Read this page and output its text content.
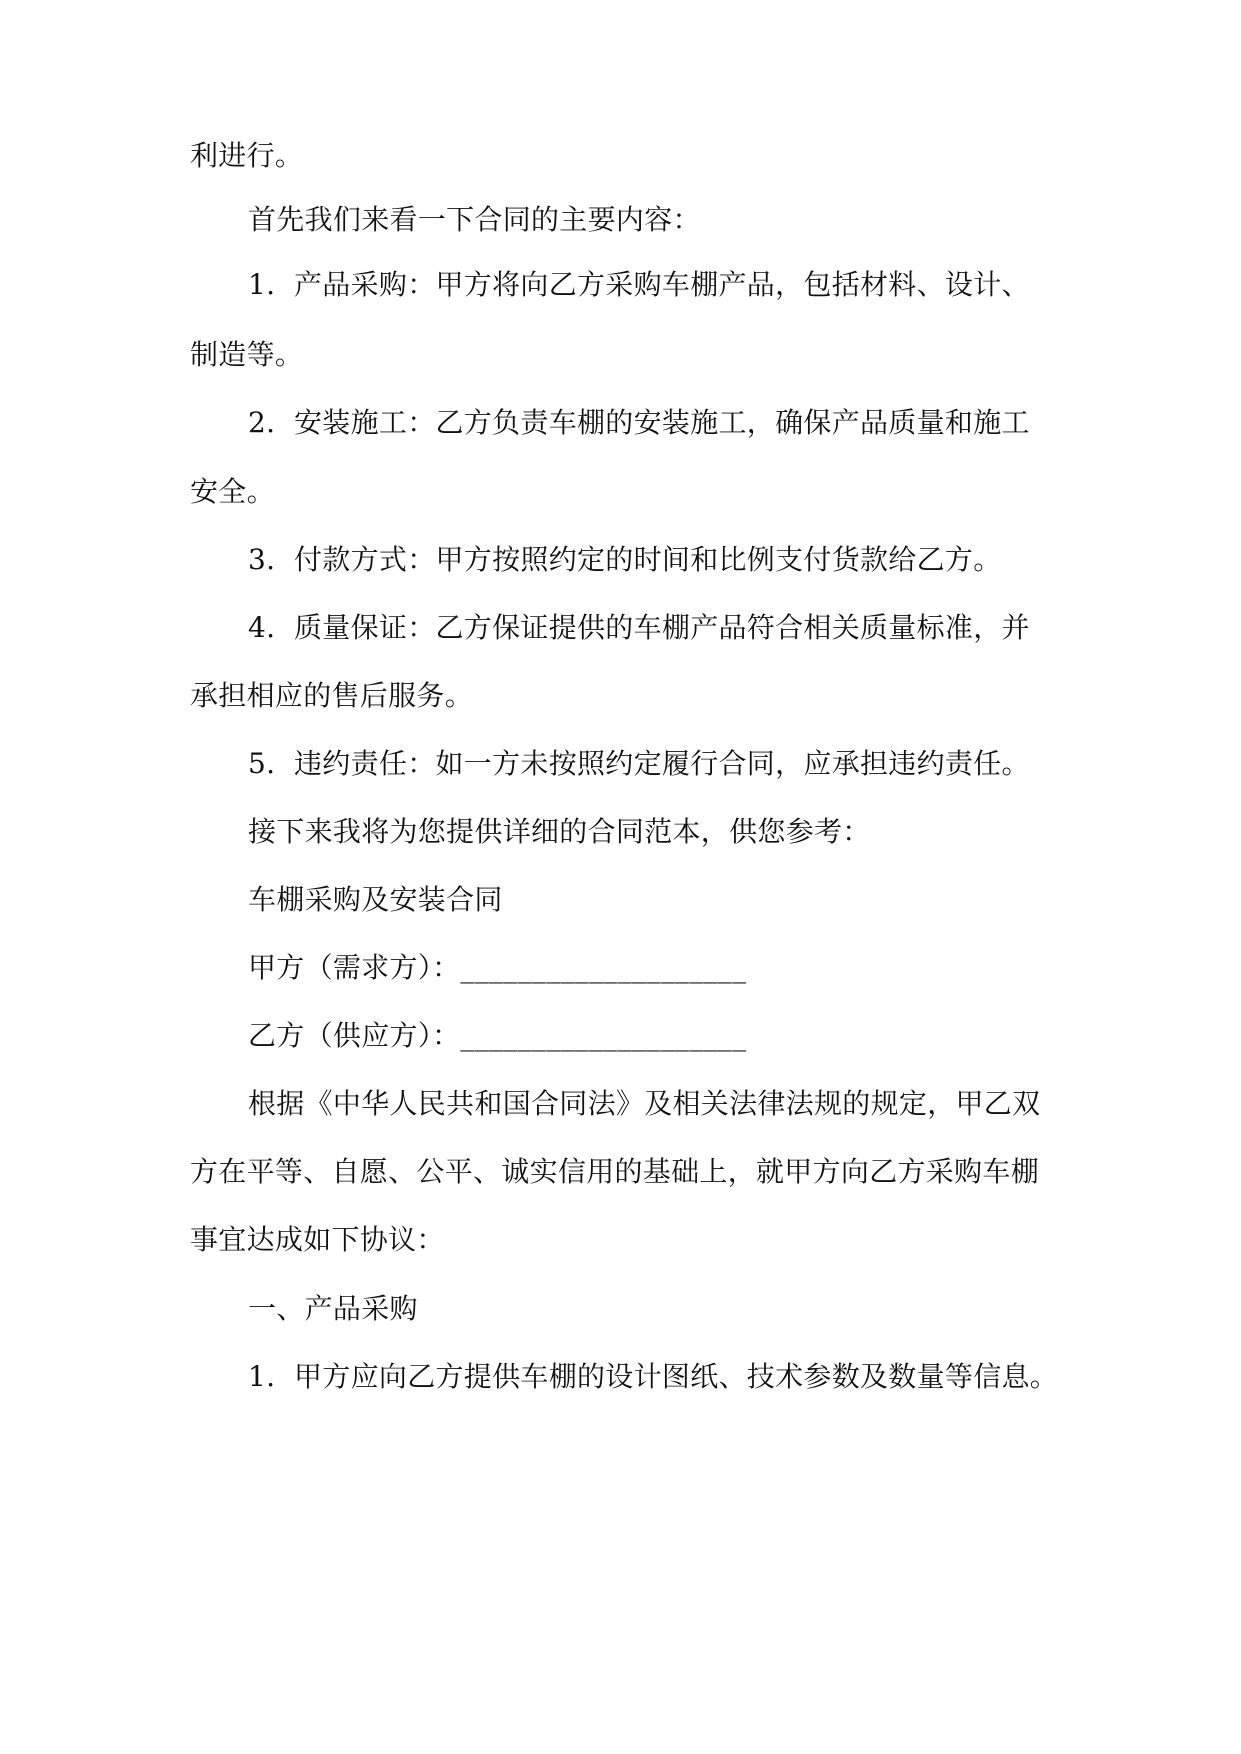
利进行。
首先我们来看一下合同的主要内容：
1. 产品采购：甲方将向乙方采购车棚产品，包括材料、设计、
制造等。
2. 安装施工：乙方负责车棚的安装施工，确保产品质量和施工
安全。
3. 付款方式：甲方按照约定的时间和比例支付货款给乙方。
4. 质量保证：乙方保证提供的车棚产品符合相关质量标准，并
承担相应的售后服务。
5. 违约责任：如一方未按照约定履行合同，应承担违约责任。
接下来我将为您提供详细的合同范本，供您参考：
车棚采购及安装合同
甲方（需求方）：____________________
乙方（供应方）：____________________
根据《中华人民共和国合同法》及相关法律法规的规定，甲乙双
方在平等、自愿、公平、诚实信用的基础上，就甲方向乙方采购车棚
事宜达成如下协议：
一、产品采购
1. 甲方应向乙方提供车棚的设计图纸、技术参数及数量等信息。
